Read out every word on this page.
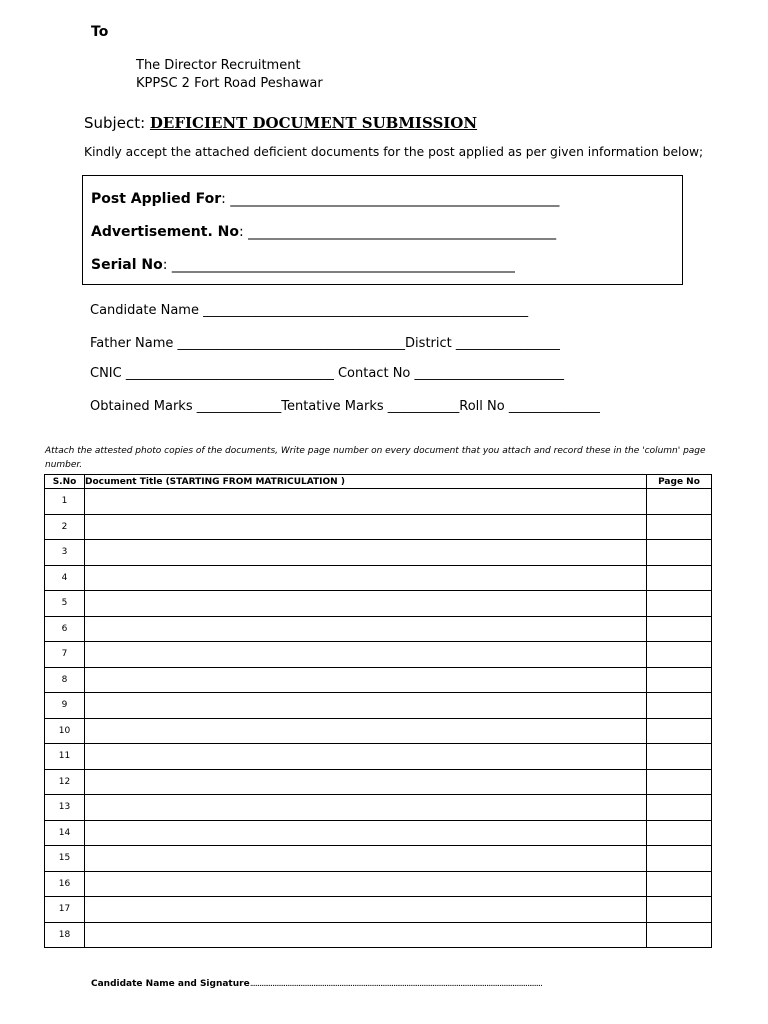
To
The Director Recruitment
KPPSC 2 Fort Road Peshawar
Subject: DEFICIENT DOCUMENT SUBMISSION
Kindly accept the attached deficient documents for the post applied as per given information below;
Post Applied For: _______________________________________________
Advertisement. No: ____________________________________________
Serial No: _________________________________________________
Candidate Name __________________________________________________
Father Name ___________________________________District ________________
CNIC ________________________________ Contact No _______________________
Obtained Marks _____________Tentative Marks ___________Roll No ______________
Attach the attested photo copies of the documents, Write page number on every document that you attach and record these in the 'column' page number.
S.No	Document Title (STARTING FROM MATRICULATION )	Page No
1		
2		
3		
4		
5		
6		
7		
8		
9		
10		
11		
12		
13		
14		
15		
16		
17		
18		
Candidate Name and Signature.............................................................................................................................................................
